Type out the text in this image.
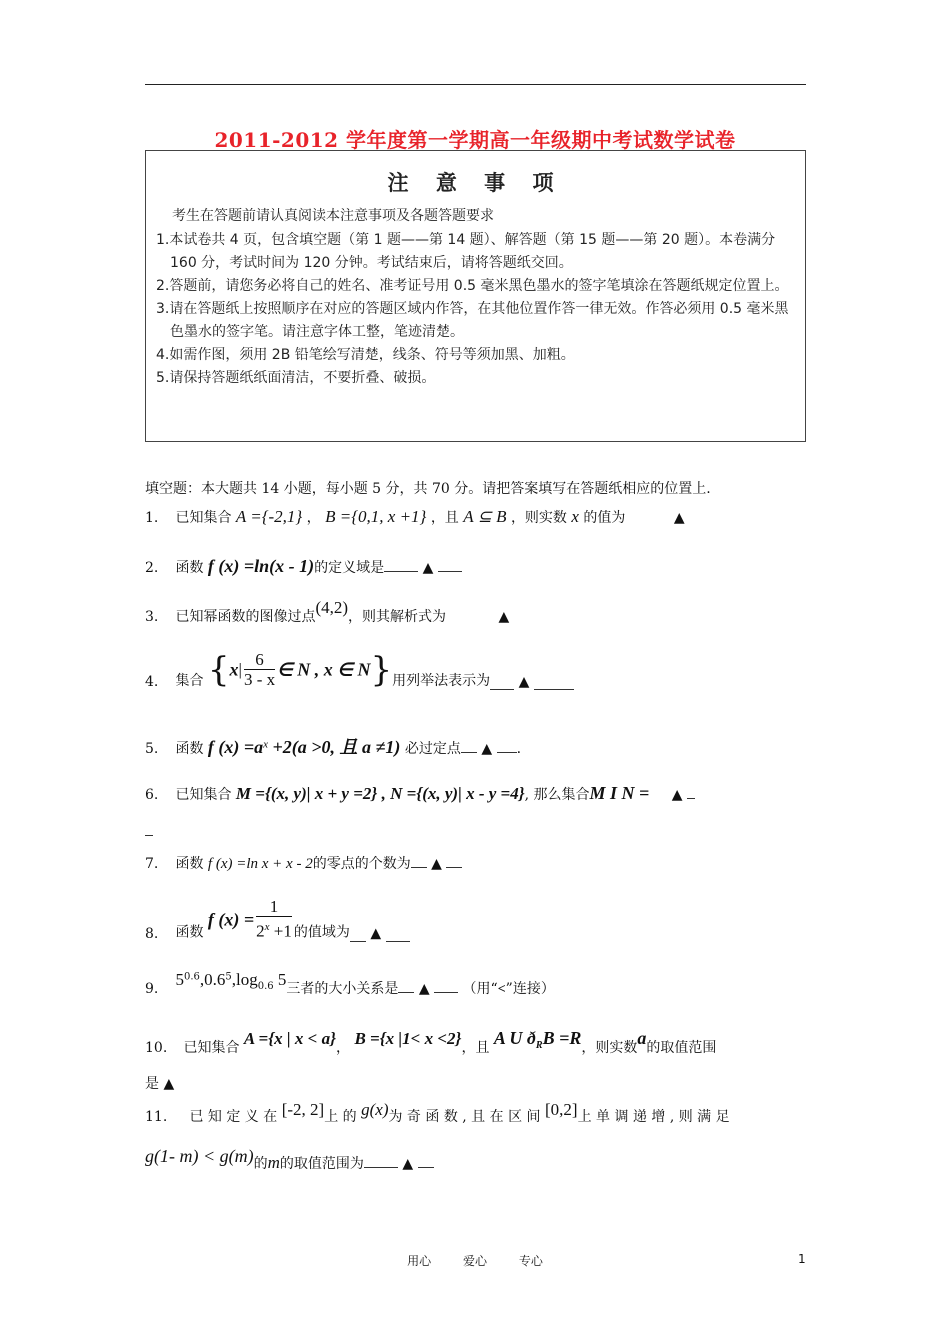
2011-2012 学年度第一学期高一年级期中考试数学试卷
注 意 事 项
考生在答题前请认真阅读本注意事项及各题答题要求
1.本试卷共 4 页，包含填空题（第 1 题——第 14 题）、解答题（第 15 题——第 20 题）。本卷满分 160 分，考试时间为 120 分钟。考试结束后，请将答题纸交回。
2.答题前，请您务必将自己的姓名、准考证号用 0.5 毫米黑色墨水的签字笔填涂在答题纸规定位置上。
3.请在答题纸上按照顺序在对应的答题区域内作答，在其他位置作答一律无效。作答必须用 0.5 毫米黑色墨水的签字笔。请注意字体工整，笔迹清楚。
4.如需作图，须用 2B 铅笔绘写清楚，线条、符号等须加黑、加粗。
5.请保持答题纸纸面清洁，不要折叠、破损。
填空题：本大题共 14 小题，每小题 5 分，共 70 分。请把答案填写在答题纸相应的位置上.
1. 已知集合 A ={-2,1} ， B ={0,1, x +1} ，且 A ⊆ B ，则实数 x 的值为	▲
2. 函数 f (x) =ln(x - 1)的定义域是	▲
3. 已知幂函数的图像过点(4,2)，则其解析式为	▲
4. 集合 {$x| \frac{6}{3 - x}$ ∈ N , x ∈ N}用列举法表示为 ▲
5. 函数 f $(x) =a^x +2(a >0$, 且 a ≠1) 必过定点 ▲ .
6. 已知集合 M ={(x, y)| x + y =2} , N ={(x, y)| x - y =4}, 那么集合M I N = ▲
7. 函数 f (x) =ln x + x - 2的零点的个数为 ▲
8. 函数 f $(x) = \frac{1}{2^x +1}$ 的值域为 ▲
9. $5^{0.6},0.6^5,\log_{0.6}$ 5三者的大小关系是 ▲ （用“<”连接）
10. 已知集合 A ={x | x < a}， B ={x |1< x <2}，且 A U $ð_RB =R$，则实数a的取值范围
是 ▲
11. 已 知 定 义 在 [-2, 2]上 的 g(x)为 奇 函 数 , 且 在 区 间 [0,2]上 单 调 递 增 , 则 满 足
g(1- m) < g(m)的m的取值范围为	▲
用心	爱心	专心	1
